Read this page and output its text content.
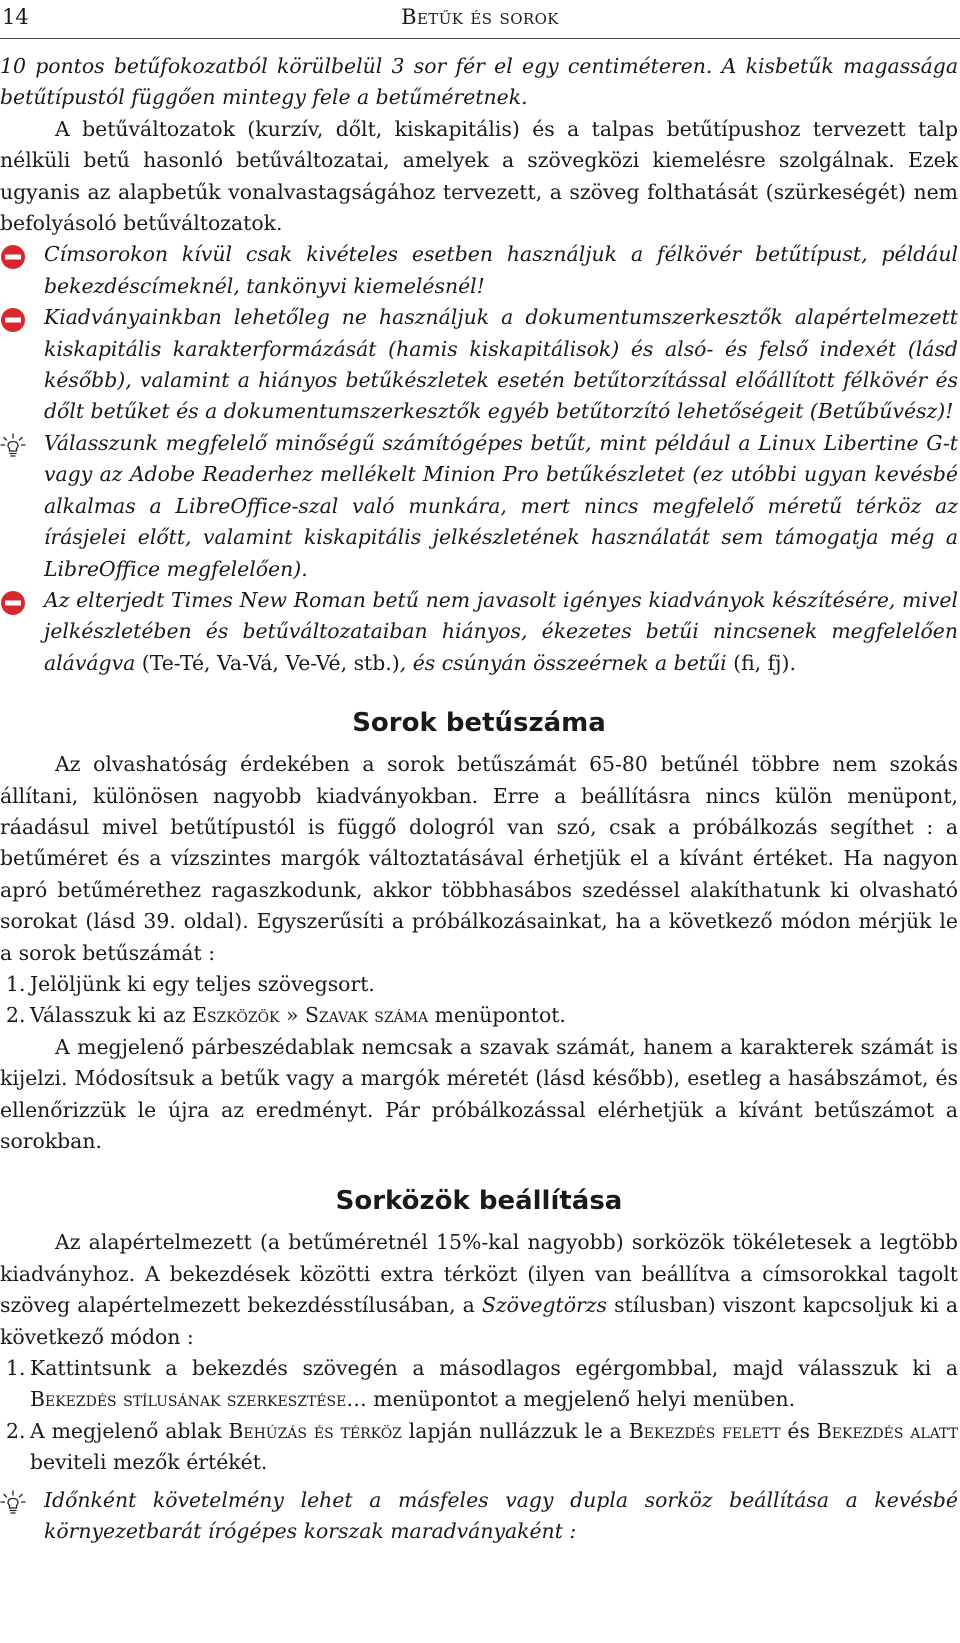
14	Betűk és sorok

10 pontos betűfokozatból körülbelül 3 sor fér el egy centiméteren. A kisbetűk magassága betűtípustól függően mintegy fele a betűméretnek.

A betűváltozatok (kurzív, dőlt, kiskapitális) és a talpas betűtípushoz tervezett talp nélküli betű hasonló betűváltozatai, amelyek a szövegközi kiemelésre szolgálnak. Ezek ugyanis az alapbetűk vonalvastagságához tervezett, a szöveg folthatását (szürkeségét) nem befolyásoló betűváltozatok.

Címsorokon kívül csak kivételes esetben használjuk a félkövér betűtípust, például bekezdéscímeknél, tankönyvi kiemelésnél!

Kiadványainkban lehetőleg ne használjuk a dokumentumszerkesztők alapértelmezett kiskapitális karakterformázását (hamis kiskapitálisok) és alsó- és felső indexét (lásd később), valamint a hiányos betűkészletek esetén betűtorzítással előállított félkövér és dőlt betűket és a dokumentumszerkesztők egyéb betűtorzító lehetőségeit (Betűbűvész)!

Válasszunk megfelelő minőségű számítógépes betűt, mint például a Linux Libertine G-t vagy az Adobe Readerhez mellékelt Minion Pro betűkészletet (ez utóbbi ugyan kevésbé alkalmas a LibreOffice-szal való munkára, mert nincs megfelelő méretű térköz az írásjelei előtt, valamint kiskapitális jelkészletének használatát sem támogatja még a LibreOffice megfelelően).

Az elterjedt Times New Roman betű nem javasolt igényes kiadványok készítésére, mivel jelkészletében és betűváltozataiban hiányos, ékezetes betűi nincsenek megfelelően alávágva (Te-Té, Va-Vá, Ve-Vé, stb.), és csúnyán összeérnek a betűi (fi, fj).

Sorok betűszáma

Az olvashatóság érdekében a sorok betűszámát 65-80 betűnél többre nem szokás állítani, különösen nagyobb kiadványokban. Erre a beállításra nincs külön menüpont, ráadásul mivel betűtípustól is függő dologról van szó, csak a próbálkozás segíthet : a betűméret és a vízszintes margók változtatásával érhetjük el a kívánt értéket. Ha nagyon apró betűmérethez ragaszkodunk, akkor többhasábos szedéssel alakíthatunk ki olvasható sorokat (lásd 39. oldal). Egyszerűsíti a próbálkozásainkat, ha a következő módon mérjük le a sorok betűszámát :

1. Jelöljünk ki egy teljes szövegsort.
2. Válasszuk ki az Eszközök » Szavak száma menüpontot.

A megjelenő párbeszédablak nemcsak a szavak számát, hanem a karakterek számát is kijelzi. Módosítsuk a betűk vagy a margók méretét (lásd később), esetleg a hasábszámot, és ellenőrizzük le újra az eredményt. Pár próbálkozással elérhetjük a kívánt betűszámot a sorokban.

Sorközök beállítása

Az alapértelmezett (a betűméretnél 15%-kal nagyobb) sorközök tökéletesek a legtöbb kiadványhoz. A bekezdések közötti extra térközt (ilyen van beállítva a címsorokkal tagolt szöveg alapértelmezett bekezdésstílusában, a Szövegtörzs stílusban) viszont kapcsoljuk ki a következő módon :

1. Kattintsunk a bekezdés szövegén a másodlagos egérgombbal, majd válasszuk ki a Bekezdés stílusának szerkesztése… menüpontot a megjelenő helyi menüben.
2. A megjelenő ablak Behúzás és térköz lapján nullázzuk le a Bekezdés felett és Bekezdés alatt beviteli mezők értékét.

Időnként követelmény lehet a másfeles vagy dupla sorköz beállítása a kevésbé környezetbarát írógépes korszak maradványaként :
